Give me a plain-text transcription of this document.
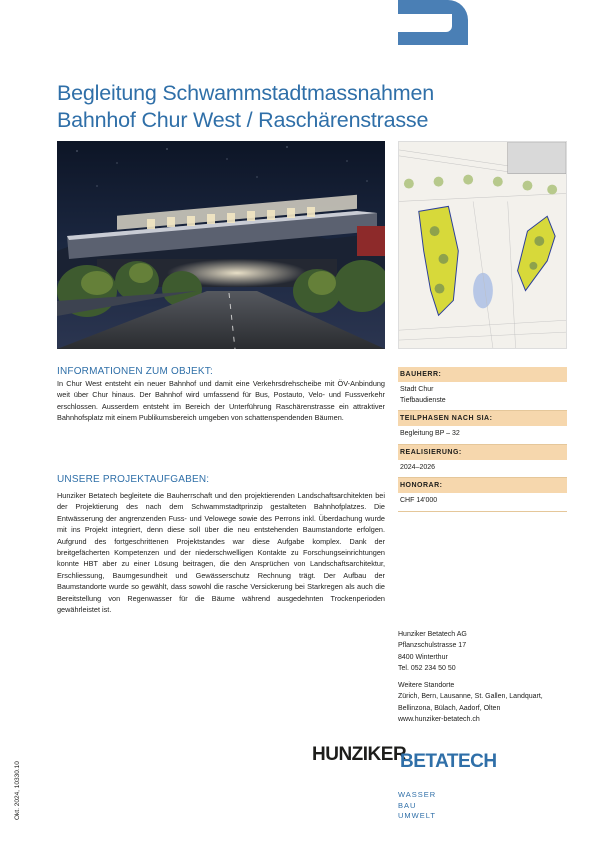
Begleitung Schwammstadtmassnahmen
Bahnhof Chur West / Raschärenstrasse
INFORMATIONEN ZUM OBJEKT:
In Chur West entsteht ein neuer Bahnhof und damit eine Verkehrsdrehscheibe mit ÖV-Anbindung weit über Chur hinaus. Der Bahnhof wird umfassend für Bus, Postauto, Velo- und Fussverkehr erschlossen. Ausserdem entsteht im Bereich der Unterführung Raschärenstrasse ein attraktiver Bahnhofsplatz mit einem Publikumsbereich umgeben von schattenspendenden Bäumen.
UNSERE PROJEKTAUFGABEN:
Hunziker Betatech begleitete die Bauherrschaft und den projektierenden Landschaftsarchitekten bei der Projektierung des nach dem Schwammstadtprinzip gestalteten Bahnhofplatzes. Die Entwässerung der angrenzenden Fuss- und Velowege sowie des Perrons inkl. Überdachung wurde mit ins Projekt integriert, denn diese soll über die neu entstehenden Baumstandorte erfolgen. Aufgrund des fortgeschrittenen Projektstandes war diese Aufgabe komplex. Dank der breitgefächerten Kompetenzen und der niederschwelligen Kontakte zu Forschungseinrichtungen konnte HBT aber zu einer Lösung beitragen, die den Ansprüchen von Landschaftsarchitektur, Erschliessung, Baumgesundheit und Gewässerschutz Rechnung trägt. Der Aufbau der Baumstandorte wurde so gewählt, dass sowohl die rasche Versickerung bei Starkregen als auch die Bereitstellung von Regenwasser für die Bäume während ausgedehnten Trockenperioden gewährleistet ist.
BAUHERR:
Stadt Chur
Tiefbaudienste
TEILPHASEN NACH SIA:
Begleitung BP – 32
REALISIERUNG:
2024–2026
HONORAR:
CHF 14'000

Hunziker Betatech AG

Pflanzschulstrasse 17

8400 Winterthur

Tel. 052 234 50 50

Weitere Standorte

Zürich, Bern, Lausanne, St. Gallen, Landquart,

Bellinzona, Bülach, Aadorf, Olten

www.hunziker-betatech.ch

HUNZIKER
BETATECH
WASSER
BAU
UMWELT
Okt. 2024, 10330.10
